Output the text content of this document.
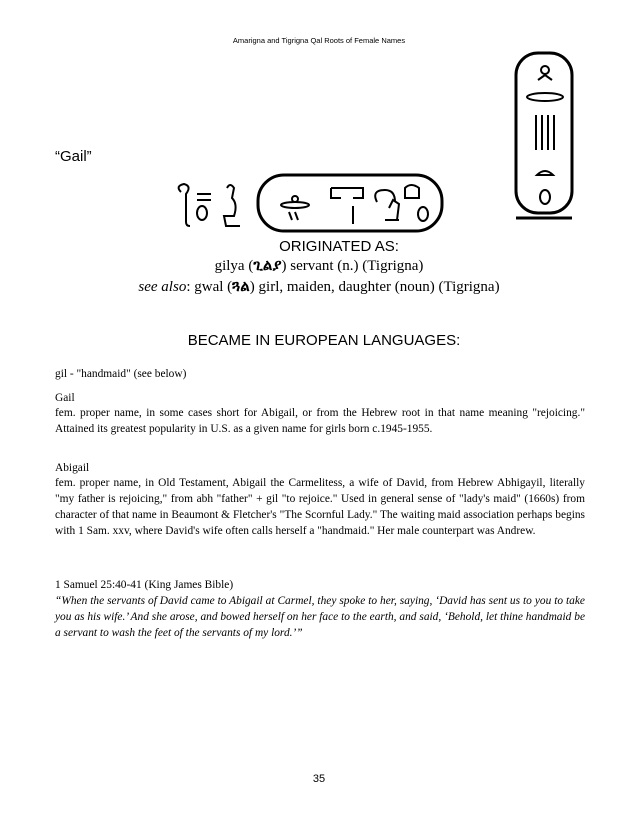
Amarigna and Tigrigna Qal Roots of Female Names
“Gail”
ORIGINATED AS:
gilya (ጊልያ) servant (n.) (Tigrigna)
see also: gwal (ጓል) girl, maiden, daughter (noun) (Tigrigna)
BECAME IN EUROPEAN LANGUAGES:
gil - "handmaid" (see below)
Gail
fem. proper name, in some cases short for Abigail, or from the Hebrew root in that name meaning "rejoicing." Attained its greatest popularity in U.S. as a given name for girls born c.1945-1955.
Abigail
fem. proper name, in Old Testament, Abigail the Carmelitess, a wife of David, from Hebrew Abhigayil, literally "my father is rejoicing," from abh "father" + gil "to rejoice." Used in general sense of "lady's maid" (1660s) from character of that name in Beaumont & Fletcher's "The Scornful Lady." The waiting maid association perhaps begins with 1 Sam. xxv, where David's wife often calls herself a "handmaid." Her male counterpart was Andrew.
1 Samuel 25:40-41 (King James Bible)
“When the servants of David came to Abigail at Carmel, they spoke to her, saying, ‘David has sent us to you to take you as his wife.’ And she arose, and bowed herself on her face to the earth, and said, ‘Behold, let thine handmaid be a servant to wash the feet of the servants of my lord.’”
35
